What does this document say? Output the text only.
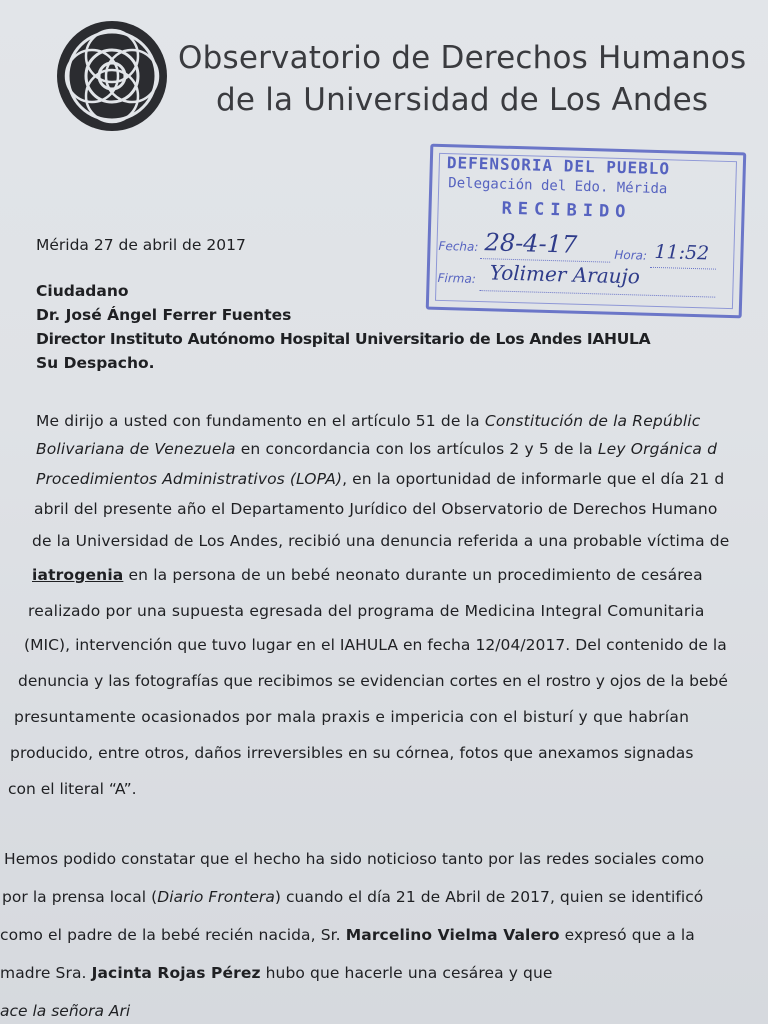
Observatorio de Derechos Humanos
de la Universidad de Los Andes
DEFENSORIA DEL PUEBLO
Delegación del Edo. Mérida
RECIBIDO
Fecha: 28-4-17	Hora: 11:52
Firma: Yolimer Araujo
Mérida 27 de abril de 2017
Ciudadano
Dr. José Ángel Ferrer Fuentes
Director Instituto Autónomo Hospital Universitario de Los Andes IAHULA
Su Despacho.
Me dirijo a usted con fundamento en el artículo 51 de la Constitución de la Repúblic
Bolivariana de Venezuela en concordancia con los artículos 2 y 5 de la Ley Orgánica d
Procedimientos Administrativos (LOPA), en la oportunidad de informarle que el día 21 d
abril del presente año el Departamento Jurídico del Observatorio de Derechos Humano
de la Universidad de Los Andes, recibió una denuncia referida a una probable víctima de
iatrogenia en la persona de un bebé neonato durante un procedimiento de cesárea
realizado por una supuesta egresada del programa de Medicina Integral Comunitaria
(MIC), intervención que tuvo lugar en el IAHULA en fecha 12/04/2017. Del contenido de la
denuncia y las fotografías que recibimos se evidencian cortes en el rostro y ojos de la bebé
presuntamente ocasionados por mala praxis e impericia con el bisturí y que habrían
producido, entre otros, daños irreversibles en su córnea, fotos que anexamos signadas
con el literal “A”.
Hemos podido constatar que el hecho ha sido noticioso tanto por las redes sociales como
por la prensa local (Diario Frontera) cuando el día 21 de Abril de 2017, quien se identificó
como el padre de la bebé recién nacida, Sr. Marcelino Vielma Valero expresó que a la
madre Sra. Jacinta Rojas Pérez hubo que hacerle una cesárea y que
ace la señora Ari
